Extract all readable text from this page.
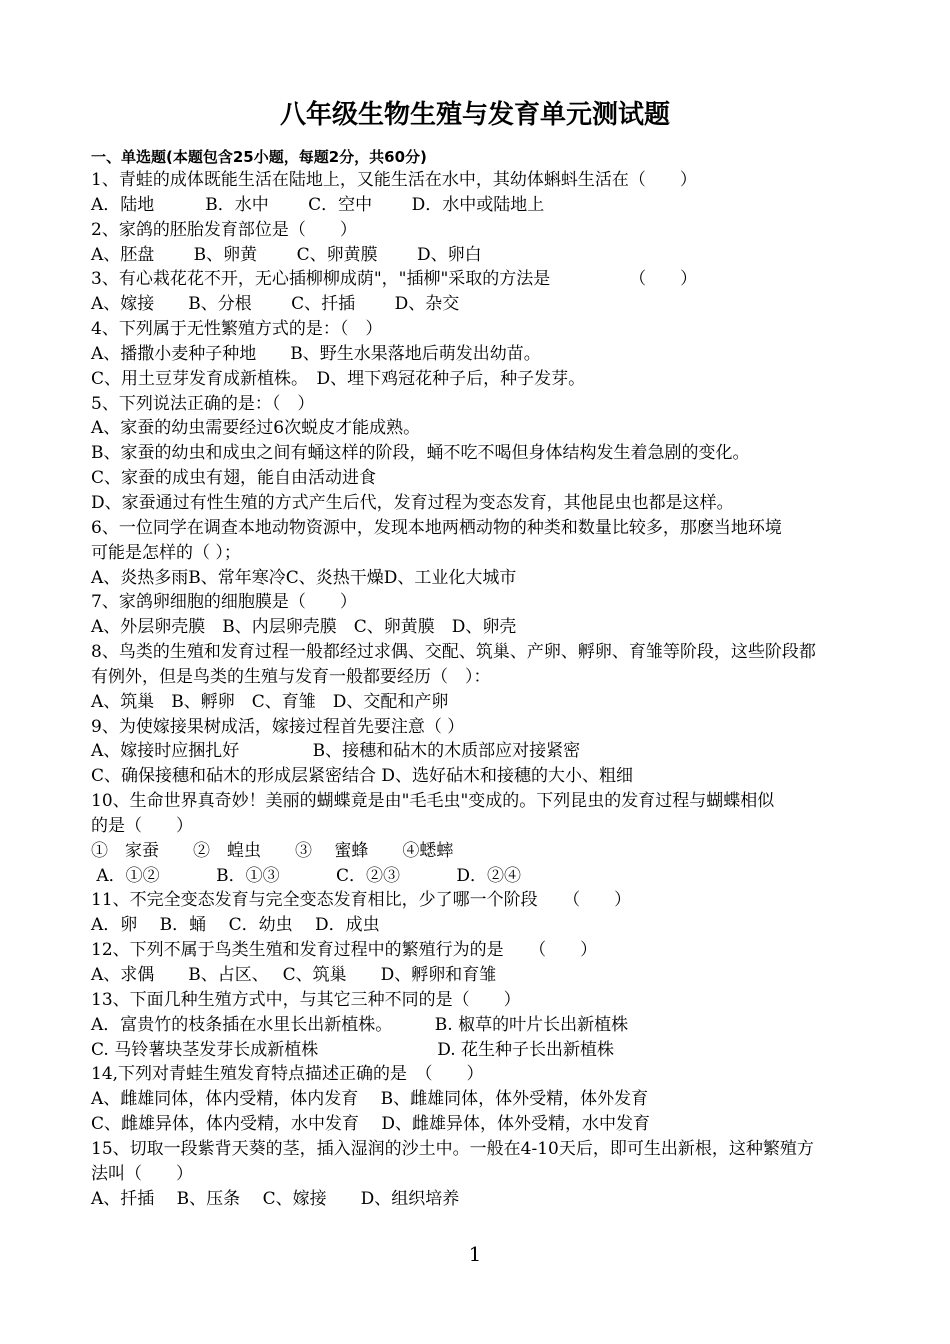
八年级生物生殖与发育单元测试题
一、单选题(本题包含25小题，每题2分，共60分)
1、青蛙的成体既能生活在陆地上，又能生活在水中，其幼体蝌蚪生活在（　　）
A．陆地　　　B．水中　　 C．空中　　 D．水中或陆地上
2、家鸽的胚胎发育部位是（　　）
A、胚盘　　 B、卵黄　　 C、卵黄膜　　 D、卵白
3、有心栽花花不开，无心插柳柳成荫"，"插柳"采取的方法是 　　　　 （　　）
A、嫁接　　B、分根　　 C、扦插　　 D、杂交
4、下列属于无性繁殖方式的是：（　）
A、播撒小麦种子种地　　B、野生水果落地后萌发出幼苗。
C、用土豆芽发育成新植株。　D、埋下鸡冠花种子后，种子发芽。
5、下列说法正确的是：（　）
A、家蚕的幼虫需要经过6次蜕皮才能成熟。
B、家蚕的幼虫和成虫之间有蛹这样的阶段，蛹不吃不喝但身体结构发生着急剧的变化。
C、家蚕的成虫有翅，能自由活动进食
D、家蚕通过有性生殖的方式产生后代，发育过程为变态发育，其他昆虫也都是这样。
6、一位同学在调查本地动物资源中，发现本地两栖动物的种类和数量比较多，那麽当地环境
可能是怎样的（ ）；
A、炎热多雨B、常年寒冷C、炎热干燥D、工业化大城市
7、家鸽卵细胞的细胞膜是（　　）
A、外层卵壳膜　B、内层卵壳膜　C、卵黄膜　D、卵壳
8、鸟类的生殖和发育过程一般都经过求偶、交配、筑巢、产卵、孵卵、育雏等阶段，这些阶段都
有例外，但是鸟类的生殖与发育一般都要经历（　）：
A、筑巢　B、孵卵　C、育雏　D、交配和产卵
9、为使嫁接果树成活，嫁接过程首先要注意（ ）
A、嫁接时应捆扎好　　　　 B、接穗和砧木的木质部应对接紧密
C、确保接穗和砧木的形成层紧密结合 D、选好砧木和接穗的大小、粗细
10、生命世界真奇妙！美丽的蝴蝶竟是由"毛毛虫"变成的。下列昆虫的发育过程与蝴蝶相似
的是（　　）
①　家蚕　　②　蝗虫　　③　 蜜蜂　　④蟋蟀
A．①②　　　 B．①③　　　 C．②③　　　 D．②④
11、不完全变态发育与完全变态发育相比，少了哪一个阶段　　（　　）
A．卵　 B．蛹　 C．幼虫　 D．成虫
12、下列不属于鸟类生殖和发育过程中的繁殖行为的是　　（　　）
A、求偶　　B、占区、　 C、筑巢　　D、孵卵和育雏
13、下面几种生殖方式中，与其它三种不同的是（　　）
A．富贵竹的枝条插在水里长出新植株。　　　B. 椒草的叶片长出新植株
C. 马铃薯块茎发芽长成新植株　　　　　　　D. 花生种子长出新植株
14,下列对青蛙生殖发育特点描述正确的是　（　　）
A、雌雄同体，体内受精，体内发育　 B、雌雄同体，体外受精，体外发育
C、雌雄异体，体内受精，水中发育　 D、雌雄异体，体外受精，水中发育
15、切取一段紫背天葵的茎，插入湿润的沙土中。一般在4-10天后，即可生出新根，这种繁殖方
法叫（　　）
A、扦插　 B、压条　 C、嫁接　　D、组织培养
1
